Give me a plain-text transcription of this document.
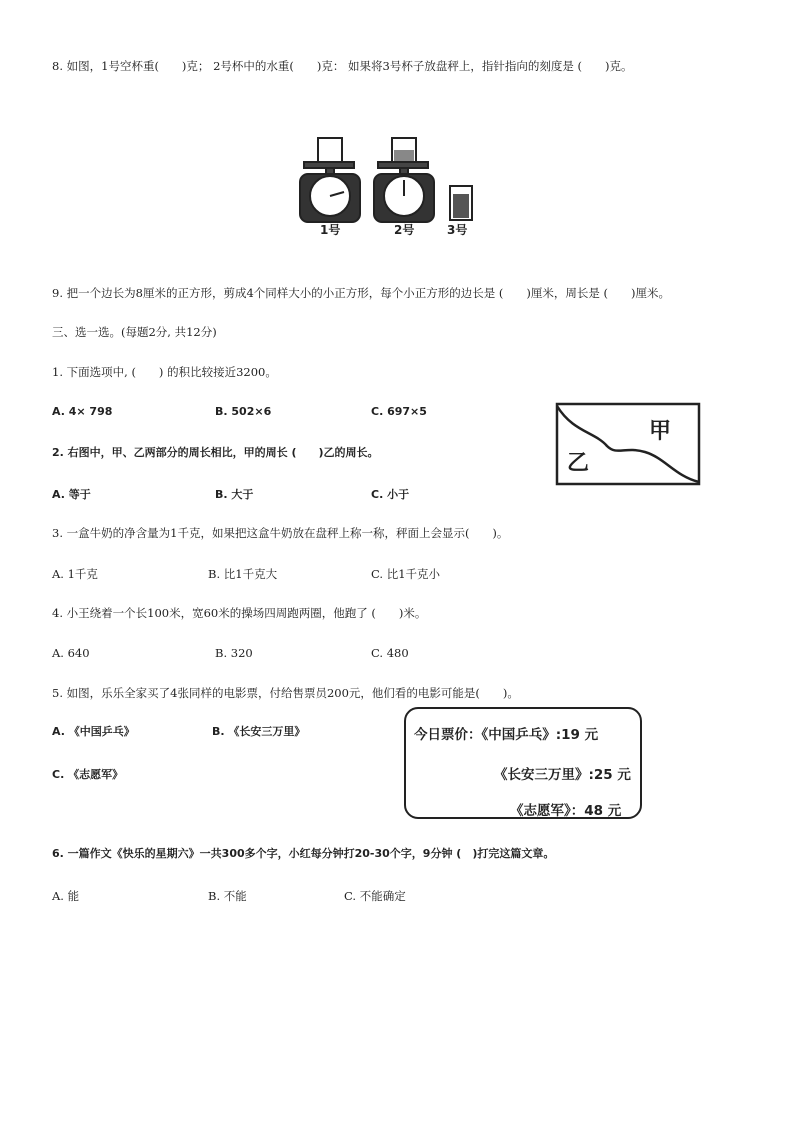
8. 如图，1号空杯重(　　)克； 2号杯中的水重(　　)克： 如果将3号杯子放盘秤上，指针指向的刻度是 (　　)克。
1号	2号	3号
9. 把一个边长为8厘米的正方形，剪成4个同样大小的小正方形，每个小正方形的边长是 (　　)厘米，周长是 (　　)厘米。
三、选一选。(每题2分, 共12分)
1. 下面选项中, (　　) 的积比较接近3200。
A. 4× 798	B. 502×6	C. 697×5
甲
乙
2. 右图中，甲、乙两部分的周长相比，甲的周长 (　　)乙的周长。
A. 等于	B. 大于	C. 小于
3. 一盒牛奶的净含量为1千克，如果把这盒牛奶放在盘秤上称一称，秤面上会显示(　　)。
A. 1千克	B. 比1千克大	C. 比1千克小
4. 小王绕着一个长100米，宽60米的操场四周跑两圈，他跑了 (　　)米。
A. 640	B. 320	C. 480
5. 如图，乐乐全家买了4张同样的电影票，付给售票员200元，他们看的电影可能是(　　)。
A. 《中国乒乓》	B. 《长安三万里》
C. 《志愿军》
今日票价：《中国乒乓》:19 元
《长安三万里》:25 元
《志愿军》：48 元
6. 一篇作文《快乐的星期六》一共300多个字，小红每分钟打20-30个字，9分钟 (　)打完这篇文章。
A. 能	B. 不能	C. 不能确定
